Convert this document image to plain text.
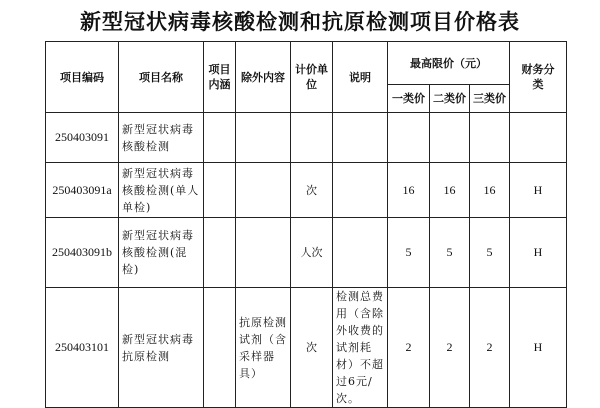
新型冠状病毒核酸检测和抗原检测项目价格表
项目编码	项目名称	项目内涵	除外内容	计价单位	说明	最高限价（元）			财务分类
						一类价	二类价	三类价	
250403091	新型冠状病毒核酸检测								
250403091a	新型冠状病毒核酸检测(单人单检)			次		16	16	16	H
250403091b	新型冠状病毒核酸检测(混检)			人次		5	5	5	H
250403101	新型冠状病毒抗原检测		抗原检测试剂（含采样器具）	次	检测总费用（含除外收费的试剂耗材）不超过6元/次。	2	2	2	H
